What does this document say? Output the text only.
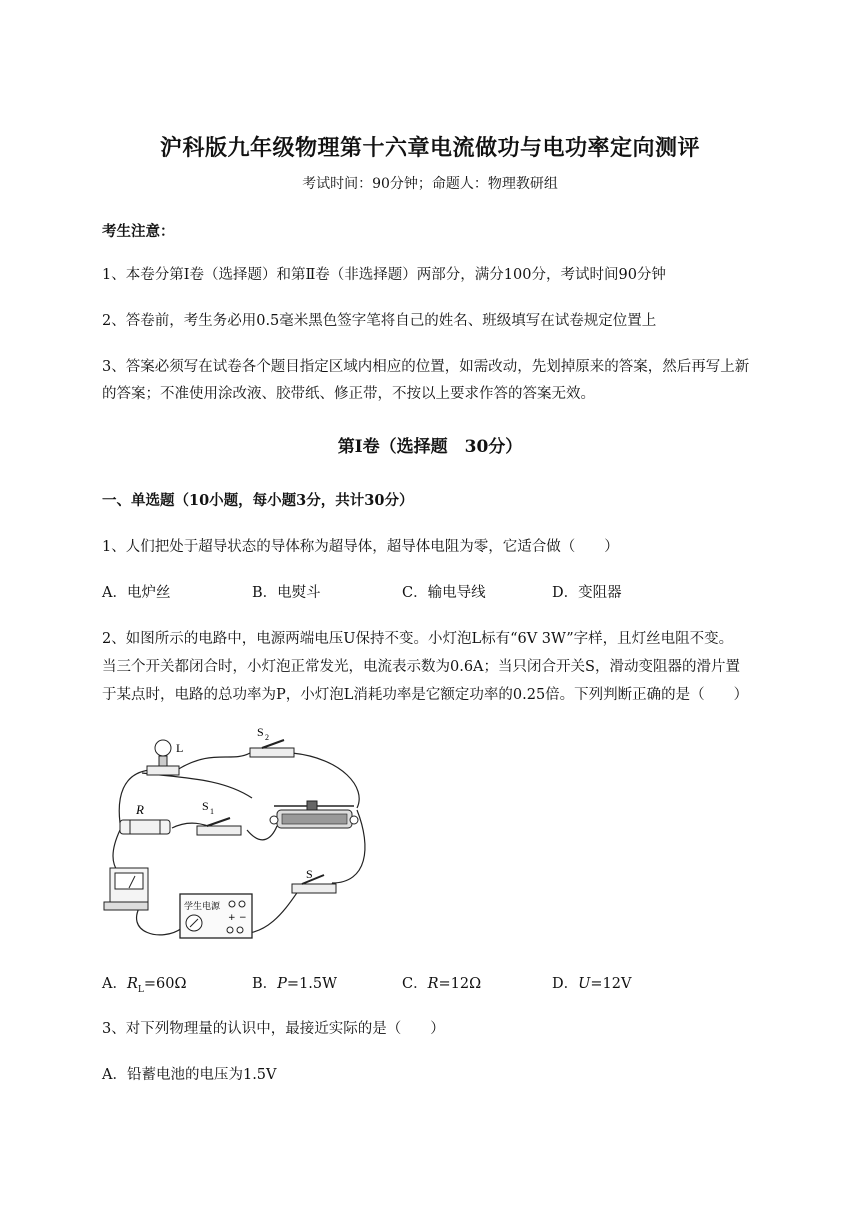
沪科版九年级物理第十六章电流做功与电功率定向测评
考试时间：90分钟；命题人：物理教研组
考生注意：
1、本卷分第Ⅰ卷（选择题）和第Ⅱ卷（非选择题）两部分，满分100分，考试时间90分钟
2、答卷前，考生务必用0.5毫米黑色签字笔将自己的姓名、班级填写在试卷规定位置上
3、答案必须写在试卷各个题目指定区域内相应的位置，如需改动，先划掉原来的答案，然后再写上新
的答案；不准使用涂改液、胶带纸、修正带，不按以上要求作答的答案无效。
第Ⅰ卷（选择题　30分）
一、单选题（10小题，每小题3分，共计30分）
1、人们把处于超导状态的导体称为超导体，超导体电阻为零，它适合做（　　）
A．电炉丝	B．电熨斗	C．输电导线	D．变阻器
2、如图所示的电路中，电源两端电压U保持不变。小灯泡L标有“6V 3W”字样，且灯丝电阻不变。
当三个开关都闭合时，小灯泡正常发光，电流表示数为0.6A；当只闭合开关S，滑动变阻器的滑片置
于某点时，电路的总功率为P，小灯泡L消耗功率是它额定功率的0.25倍。下列判断正确的是（　　）
L
S 2
R	S 1
学生电源
+ −
S
A．$R_L=60\Omega$	B．P=1.5W	C．R=12Ω	D．U=12V
3、对下列物理量的认识中，最接近实际的是（　　）
A．铅蓄电池的电压为1.5V
